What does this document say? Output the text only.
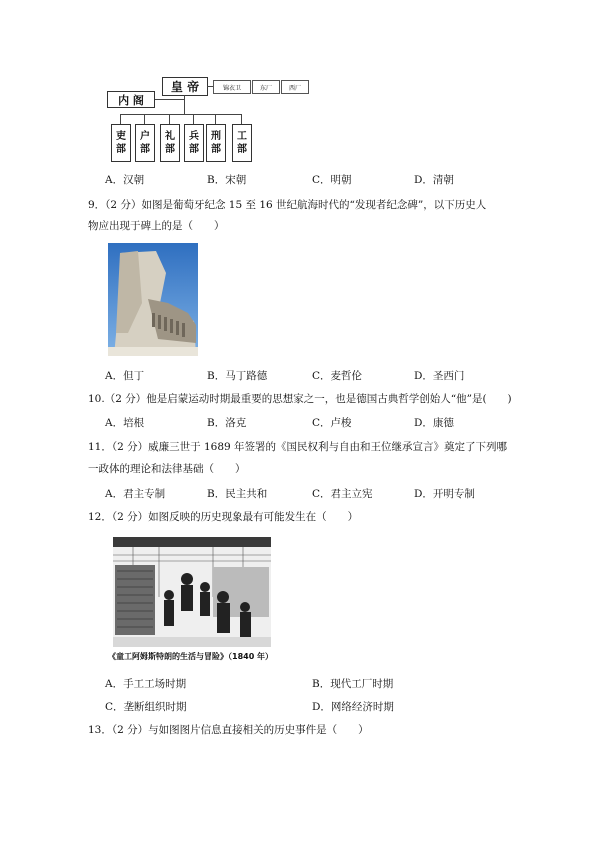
皇 帝	锦衣卫	东厂	西厂
内 阁
吏
部
户
部
礼
部
兵
部
刑
部
工
部
A．汉朝	B．宋朝	C．明朝	D．清朝
9．（2 分）如图是葡萄牙纪念 15 至 16 世纪航海时代的“发现者纪念碑”，以下历史人
物应出现于碑上的是（　　）
A．但丁	B．马丁路德	C．麦哲伦	D．圣西门
10.（2 分）他是启蒙运动时期最重要的思想家之一，也是德国古典哲学创始人“他”是(　　)
A．培根	B．洛克	C．卢梭	D．康德
11．（2 分）威廉三世于 1689 年签署的《国民权利与自由和王位继承宣言》奠定了下列哪
一政体的理论和法律基础（　　）
A．君主专制	B．民主共和	C．君主立宪	D．开明专制
12．（2 分）如图反映的历史现象最有可能发生在（　　）
《童工阿姆斯特朗的生活与冒险》（1840 年）
A．手工工场时期	B．现代工厂时期
C．垄断组织时期	D．网络经济时期
13．（2 分）与如图图片信息直接相关的历史事件是（　　）
